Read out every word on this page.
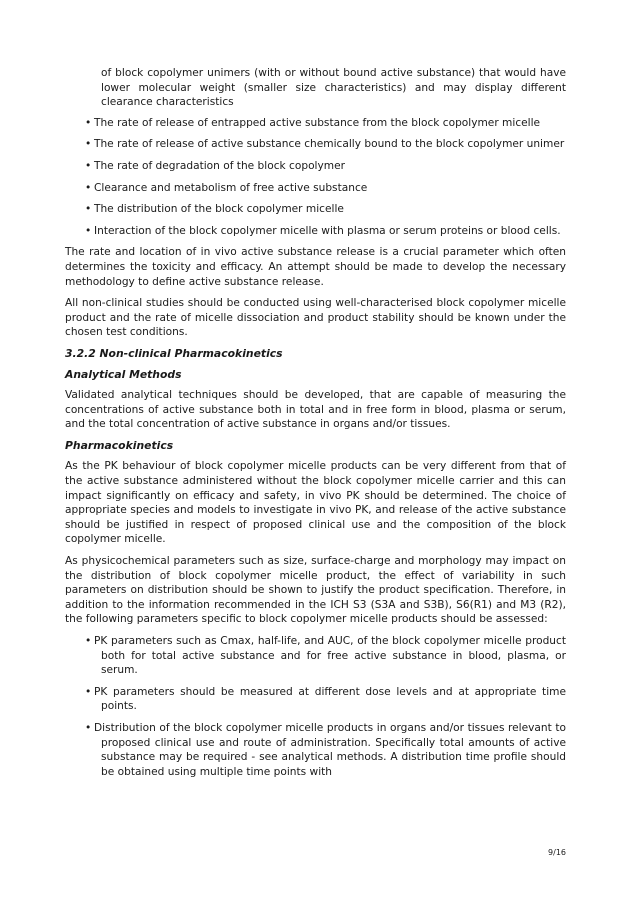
of block copolymer unimers (with or without bound active substance) that would have lower molecular weight (smaller size characteristics) and may display different clearance characteristics
• The rate of release of entrapped active substance from the block copolymer micelle
• The rate of release of active substance chemically bound to the block copolymer unimer
• The rate of degradation of the block copolymer
• Clearance and metabolism of free active substance
• The distribution of the block copolymer micelle
• Interaction of the block copolymer micelle with plasma or serum proteins or blood cells.

The rate and location of in vivo active substance release is a crucial parameter which often determines the toxicity and efficacy. An attempt should be made to develop the necessary methodology to define active substance release.

All non-clinical studies should be conducted using well-characterised block copolymer micelle product and the rate of micelle dissociation and product stability should be known under the chosen test conditions.

3.2.2 Non-clinical Pharmacokinetics
Analytical Methods

Validated analytical techniques should be developed, that are capable of measuring the concentrations of active substance both in total and in free form in blood, plasma or serum, and the total concentration of active substance in organs and/or tissues.

Pharmacokinetics

As the PK behaviour of block copolymer micelle products can be very different from that of the active substance administered without the block copolymer micelle carrier and this can impact significantly on efficacy and safety, in vivo PK should be determined. The choice of appropriate species and models to investigate in vivo PK, and release of the active substance should be justified in respect of proposed clinical use and the composition of the block copolymer micelle.

As physicochemical parameters such as size, surface-charge and morphology may impact on the distribution of block copolymer micelle product, the effect of variability in such parameters on distribution should be shown to justify the product specification. Therefore, in addition to the information recommended in the ICH S3 (S3A and S3B), S6(R1) and M3 (R2), the following parameters specific to block copolymer micelle products should be assessed:

• PK parameters such as Cmax, half-life, and AUC, of the block copolymer micelle product both for total active substance and for free active substance in blood, plasma, or serum.
• PK parameters should be measured at different dose levels and at appropriate time points.
• Distribution of the block copolymer micelle products in organs and/or tissues relevant to proposed clinical use and route of administration. Specifically total amounts of active substance may be required - see analytical methods. A distribution time profile should be obtained using multiple time points with
9/16
